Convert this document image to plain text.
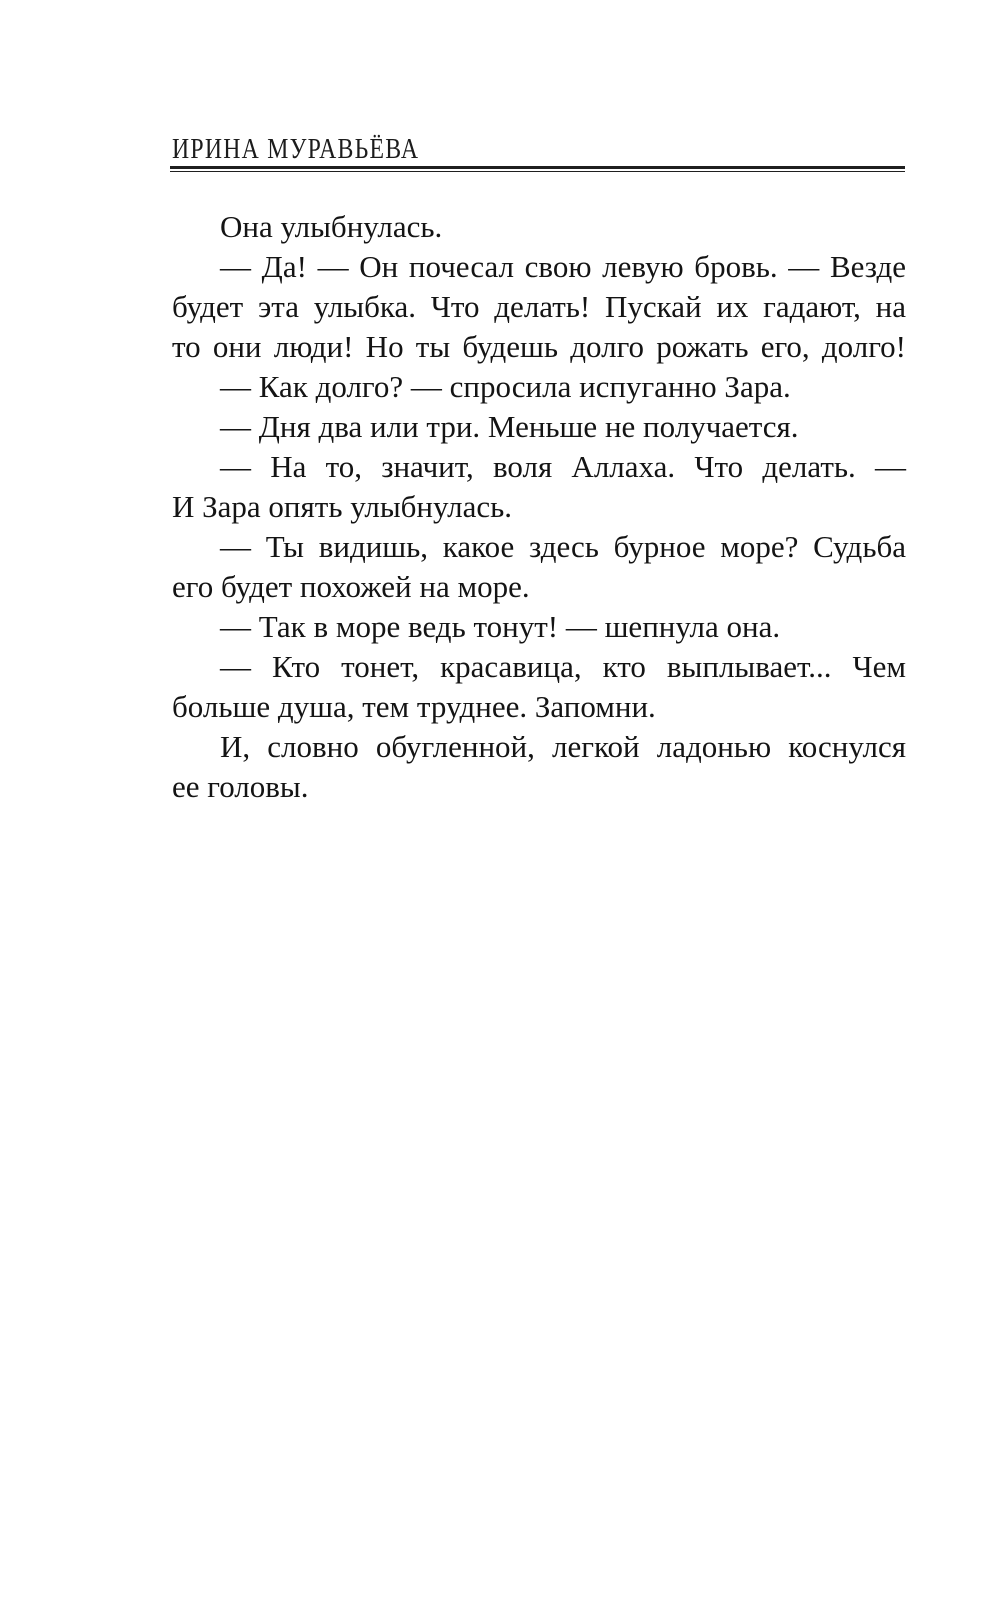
ИРИНА МУРАВЬЁВА
Она улыбнулась.
— Да! — Он почесал свою левую бровь. — Везде
будет эта улыбка. Что делать! Пускай их гадают, на
то они люди! Но ты будешь долго рожать его, долго!
— Как долго? — спросила испуганно Зара.
— Дня два или три. Меньше не получается.
— На то, значит, воля Аллаха. Что делать. —
И Зара опять улыбнулась.
— Ты видишь, какое здесь бурное море? Судьба
его будет похожей на море.
— Так в море ведь тонут! — шепнула она.
— Кто тонет, красавица, кто выплывает... Чем
больше душа, тем труднее. Запомни.
И, словно обугленной, легкой ладонью коснулся
ее головы.
